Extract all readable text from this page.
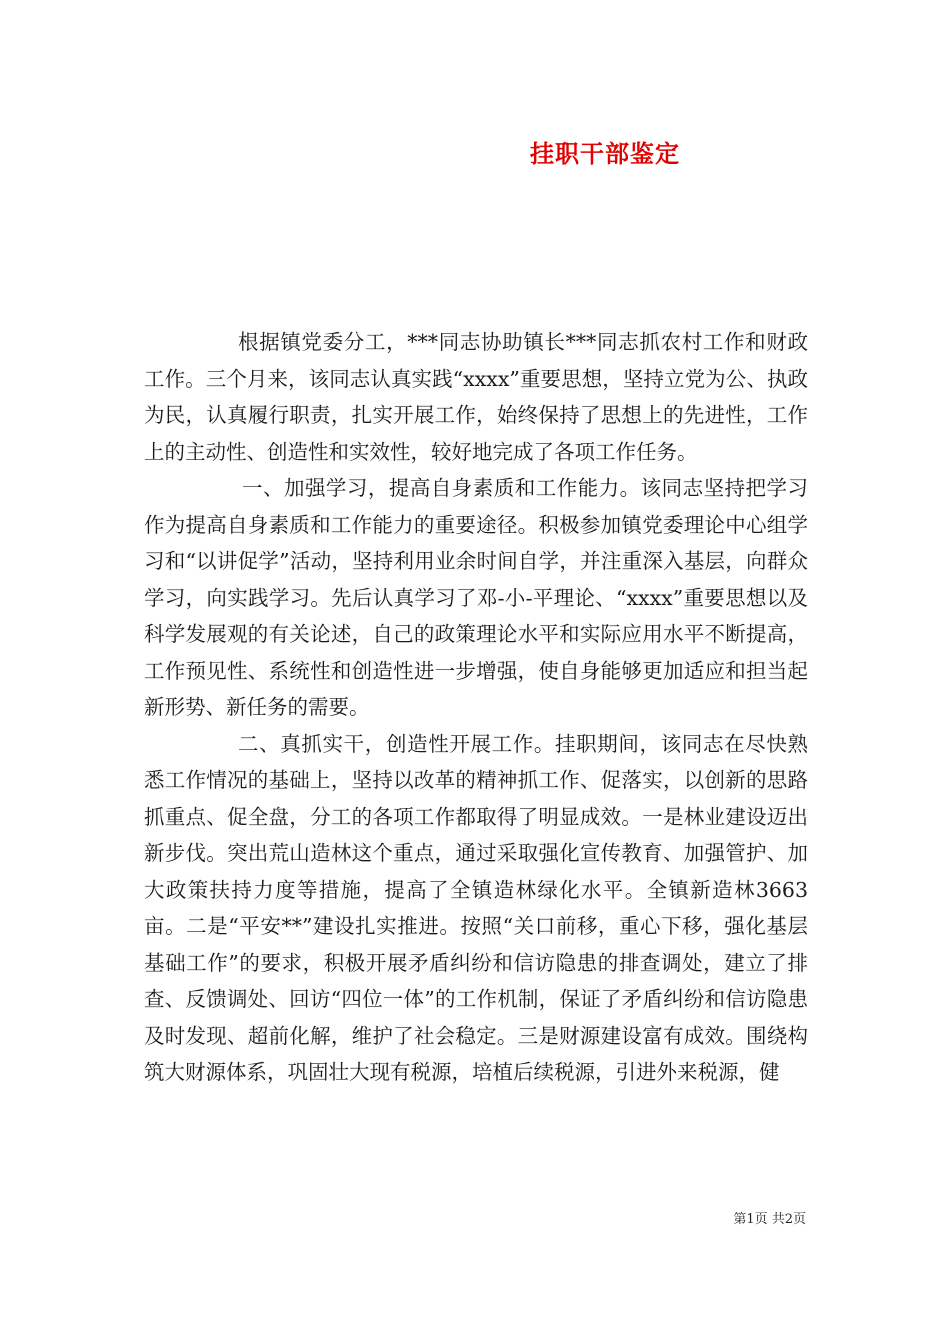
挂职干部鉴定

根据镇党委分工，***同志协助镇长***同志抓农村工作和财政工作。三个月来，该同志认真实践“xxxx”重要思想，坚持立党为公、执政为民，认真履行职责，扎实开展工作，始终保持了思想上的先进性，工作上的主动性、创造性和实效性，较好地完成了各项工作任务。

一、加强学习，提高自身素质和工作能力。该同志坚持把学习作为提高自身素质和工作能力的重要途径。积极参加镇党委理论中心组学习和“以讲促学”活动，坚持利用业余时间自学，并注重深入基层，向群众学习，向实践学习。先后认真学习了邓-小-平理论、“xxxx”重要思想以及科学发展观的有关论述，自己的政策理论水平和实际应用水平不断提高，工作预见性、系统性和创造性进一步增强，使自身能够更加适应和担当起新形势、新任务的需要。

二、真抓实干，创造性开展工作。挂职期间，该同志在尽快熟悉工作情况的基础上，坚持以改革的精神抓工作、促落实，以创新的思路抓重点、促全盘，分工的各项工作都取得了明显成效。一是林业建设迈出新步伐。突出荒山造林这个重点，通过采取强化宣传教育、加强管护、加大政策扶持力度等措施，提高了全镇造林绿化水平。全镇新造林3663亩。二是“平安**”建设扎实推进。按照“关口前移，重心下移，强化基层基础工作”的要求，积极开展矛盾纠纷和信访隐患的排查调处，建立了排查、反馈调处、回访“四位一体”的工作机制，保证了矛盾纠纷和信访隐患及时发现、超前化解，维护了社会稳定。三是财源建设富有成效。围绕构筑大财源体系，巩固壮大现有税源，培植后续税源，引进外来税源，健

第1页 共2页
